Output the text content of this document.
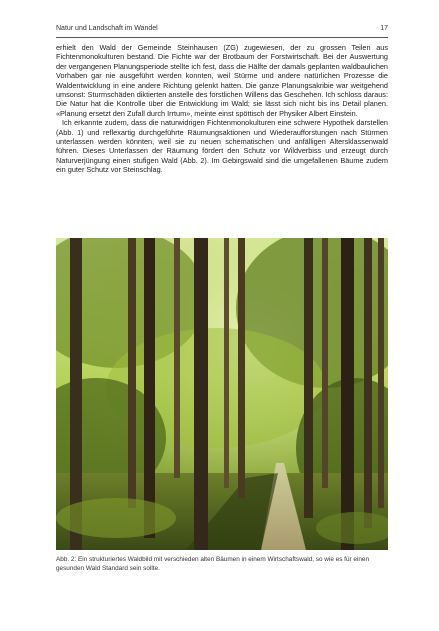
Natur und Landschaft im Wandel	17

erhielt den Wald der Gemeinde Steinhausen (ZG) zugewiesen, der zu grossen Teilen aus Fichtenmonokulturen bestand. Die Fichte war der Brotbaum der Forstwirtschaft. Bei der Auswertung der vergangenen Planungsperiode stellte ich fest, dass die Hälfte der damals geplanten waldbaulichen Vorhaben gar nie ausgeführt werden konnten, weil Stürme und andere natürlichen Prozesse die Waldentwicklung in eine andere Richtung gelenkt hatten. Die ganze Planungsakribie war weitgehend umsonst: Sturmschäden diktierten anstelle des forstlichen Willens das Geschehen. Ich schloss daraus: Die Natur hat die Kontrolle über die Entwicklung im Wald; sie lässt sich nicht bis ins Detail planen. «Planung ersetzt den Zufall durch Irrtum», meinte einst spöttisch der Physiker Albert Einstein.

Ich erkannte zudem, dass die naturwidrigen Fichtenmonokulturen eine schwere Hypothek darstellen (Abb. 1) und reflexartig durchgeführte Räumungsaktionen und Wiederaufforstungen nach Stürmen unterlassen werden könnten, weil sie zu neuen schematischen und anfälligen Altersklassenwald führen. Dieses Unterlassen der Räumung fördert den Schutz vor Wildverbiss und erzeugt durch Naturverjüngung einen stufigen Wald (Abb. 2). Im Gebirgswald sind die umgefallenen Bäume zudem ein guter Schutz vor Steinschlag.

Abb. 2: Ein strukturiertes Waldbild mit verschieden alten Bäumen in einem Wirtschaftswald, so wie es für einen gesunden Wald Standard sein sollte.
